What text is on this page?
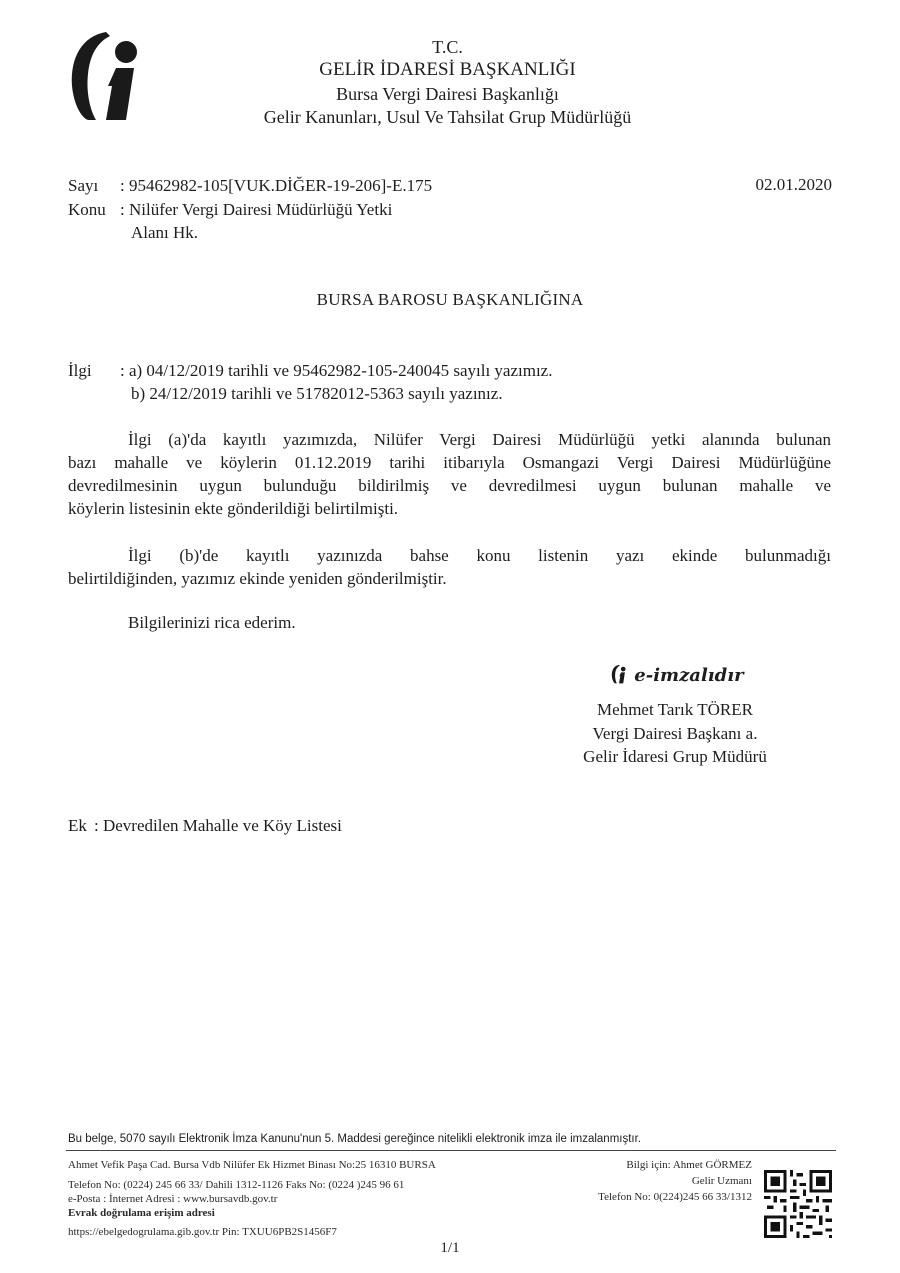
T.C.
GELİR İDARESİ BAŞKANLIĞI
Bursa Vergi Dairesi Başkanlığı
Gelir Kanunları, Usul Ve Tahsilat Grup Müdürlüğü
Sayı : 95462982-105[VUK.DİĞER-19-206]-E.175
Konu : Nilüfer Vergi Dairesi Müdürlüğü Yetki
Alanı Hk.
02.01.2020
BURSA BAROSU BAŞKANLIĞINA
İlgi : a) 04/12/2019 tarihli ve 95462982-105-240045 sayılı yazımız.
b) 24/12/2019 tarihli ve 51782012-5363 sayılı yazınız.
İlgi (a)'da kayıtlı yazımızda, Nilüfer Vergi Dairesi Müdürlüğü yetki alanında bulunan
bazı mahalle ve köylerin 01.12.2019 tarihi itibarıyla Osmangazi Vergi Dairesi Müdürlüğüne
devredilmesinin uygun bulunduğu bildirilmiş ve devredilmesi uygun bulunan mahalle ve
köylerin listesinin ekte gönderildiği belirtilmişti.
İlgi (b)'de kayıtlı yazınızda bahse konu listenin yazı ekinde bulunmadığı
belirtildiğinden, yazımız ekinde yeniden gönderilmiştir.
Bilgilerinizi rica ederim.
e-imzalıdır
Mehmet Tarık TÖRER
Vergi Dairesi Başkanı a.
Gelir İdaresi Grup Müdürü
Ek : Devredilen Mahalle ve Köy Listesi
Bu belge, 5070 sayılı Elektronik İmza Kanunu'nun 5. Maddesi gereğince nitelikli elektronik imza ile imzalanmıştır.
Ahmet Vefik Paşa Cad. Bursa Vdb Nilüfer Ek Hizmet Binası No:25 16310 BURSA
Telefon No: (0224) 245 66 33/ Dahili 1312-1126 Faks No: (0224 )245 96 61
e-Posta : İnternet Adresi : www.bursavdb.gov.tr
Evrak doğrulama erişim adresi
https://ebelgedogrulama.gib.gov.tr Pin: TXUU6PB2S1456F7
Bilgi için: Ahmet GÖRMEZ
Gelir Uzmanı
Telefon No: 0(224)245 66 33/1312
1/1
